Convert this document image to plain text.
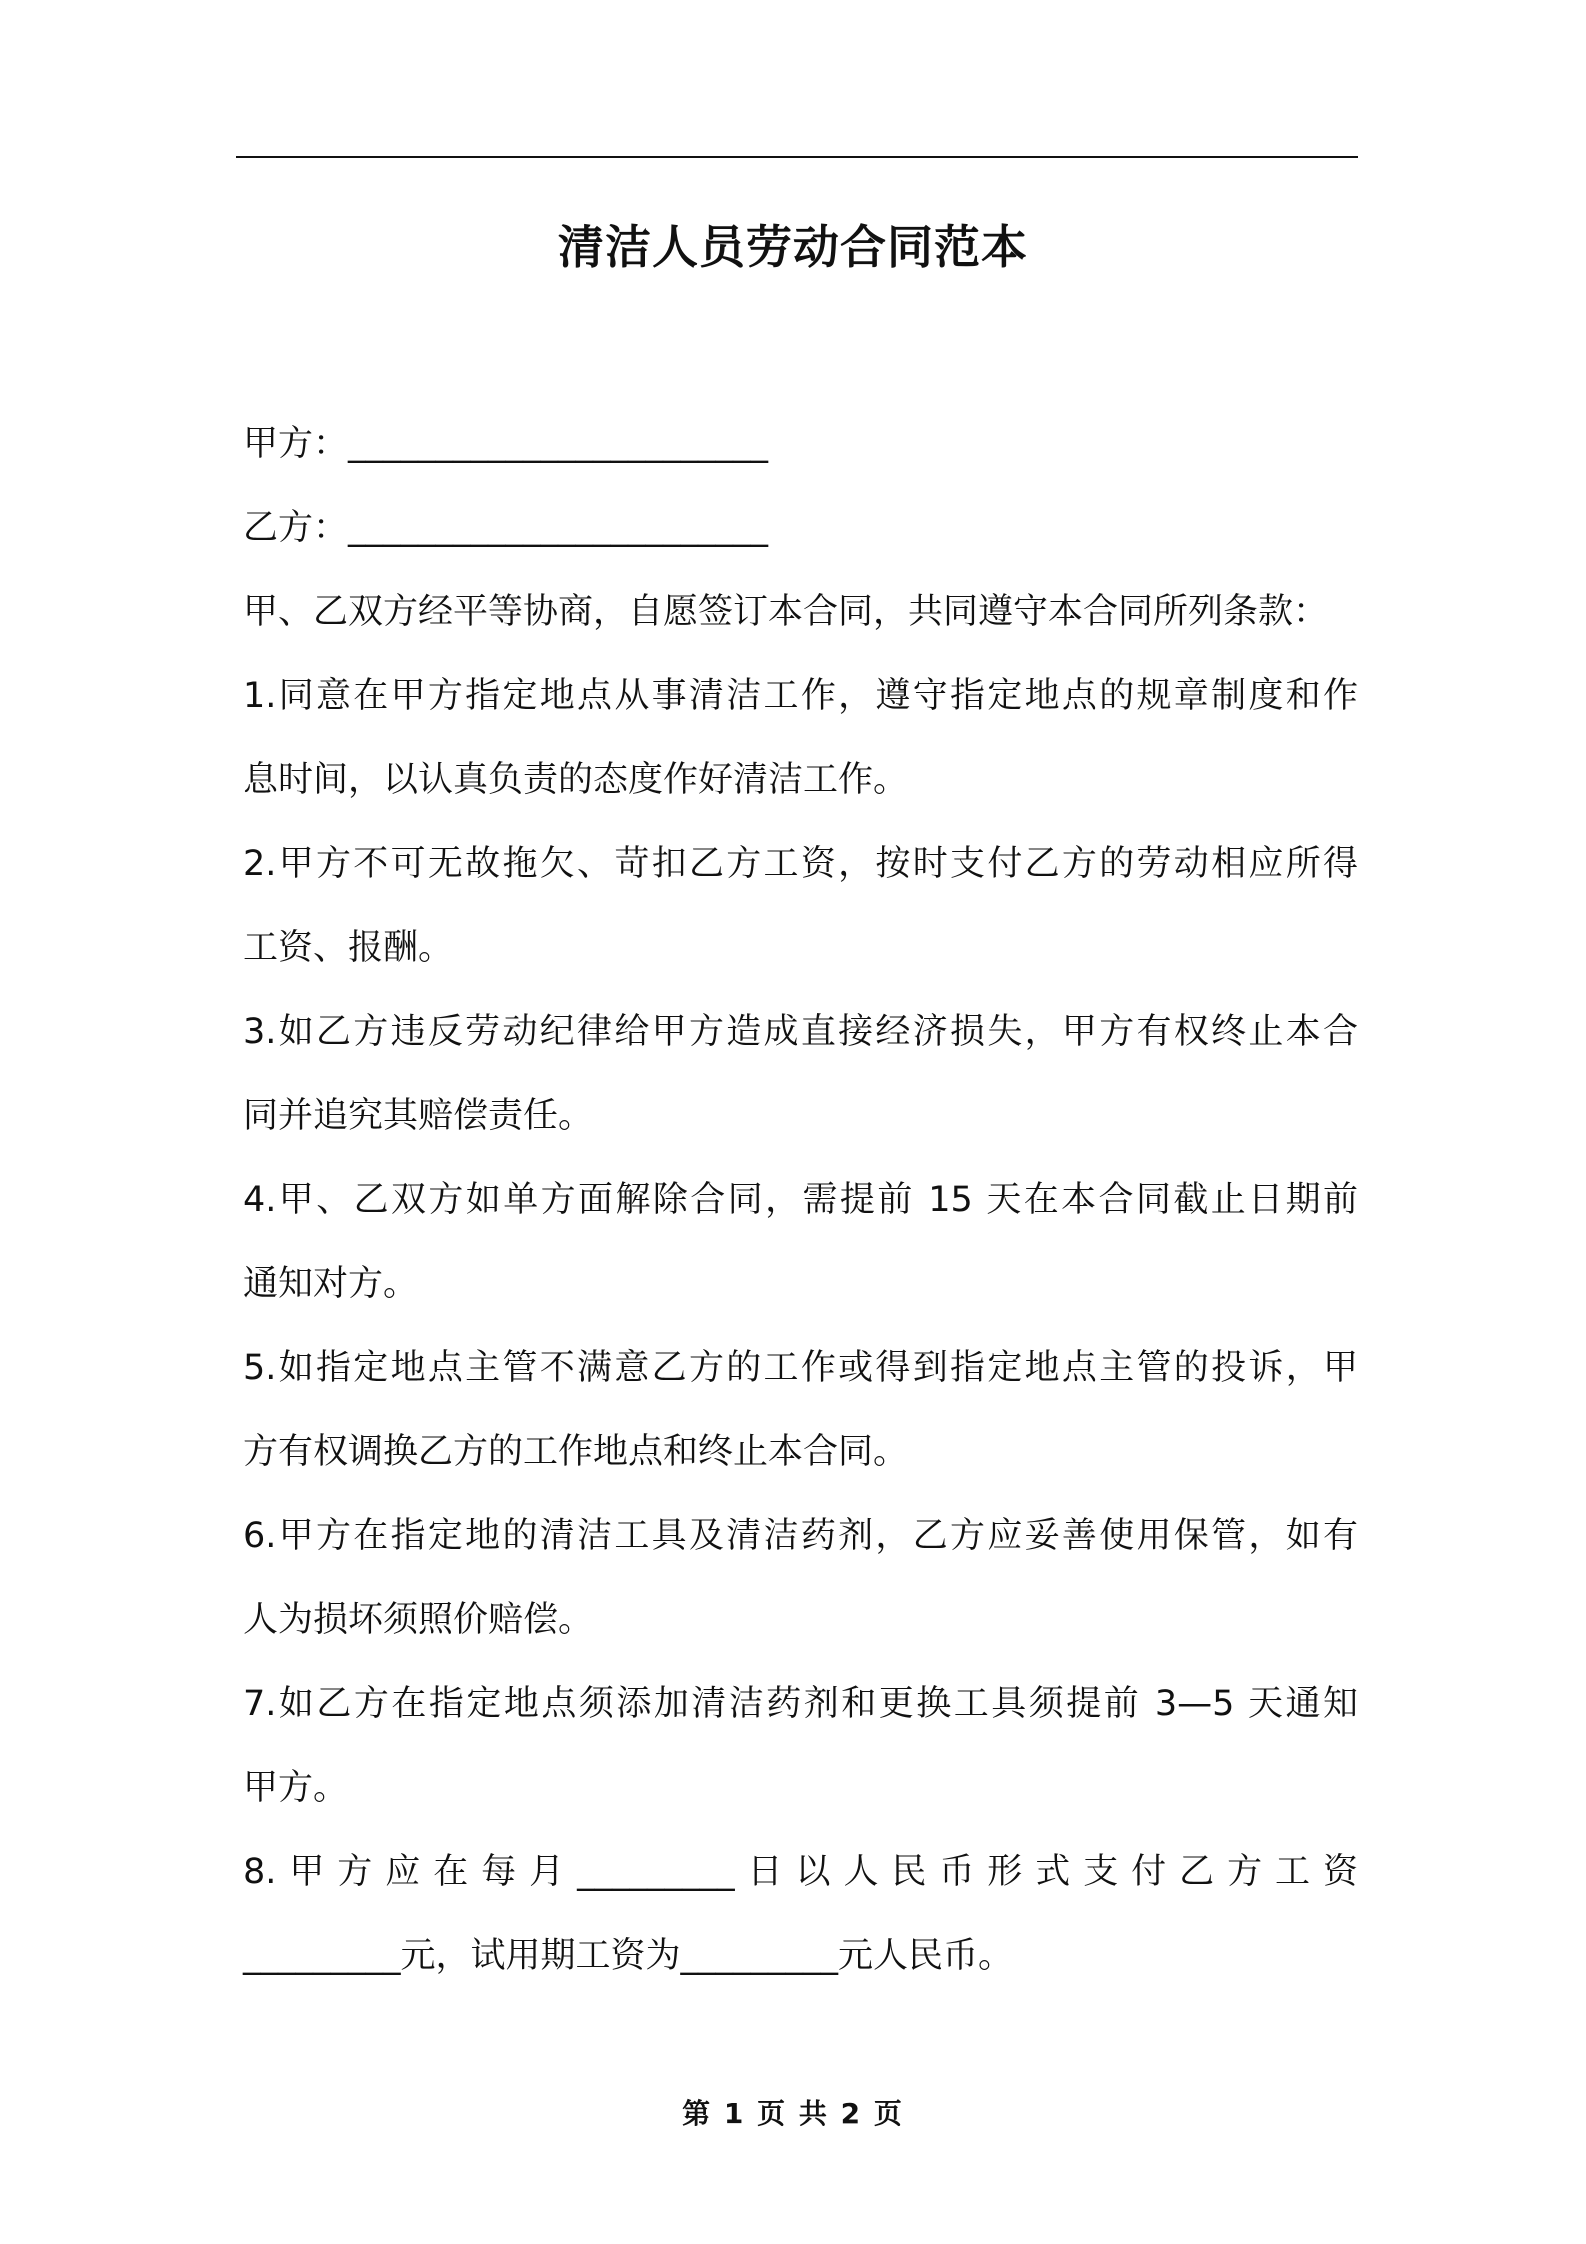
清洁人员劳动合同范本

甲方：________________________

乙方：________________________

甲、乙双方经平等协商，自愿签订本合同，共同遵守本合同所列条款：

1.同意在甲方指定地点从事清洁工作，遵守指定地点的规章制度和作

息时间，以认真负责的态度作好清洁工作。

2.甲方不可无故拖欠、苛扣乙方工资，按时支付乙方的劳动相应所得

工资、报酬。

3.如乙方违反劳动纪律给甲方造成直接经济损失，甲方有权终止本合

同并追究其赔偿责任。

4.甲、乙双方如单方面解除合同，需提前 15 天在本合同截止日期前

通知对方。

5.如指定地点主管不满意乙方的工作或得到指定地点主管的投诉，甲

方有权调换乙方的工作地点和终止本合同。

6.甲方在指定地的清洁工具及清洁药剂，乙方应妥善使用保管，如有

人为损坏须照价赔偿。

7.如乙方在指定地点须添加清洁药剂和更换工具须提前 3—5 天通知

甲方。

8.甲方应在每月_________日以人民币形式支付乙方工资

_________元，试用期工资为_________元人民币。

第 1 页 共 2 页
